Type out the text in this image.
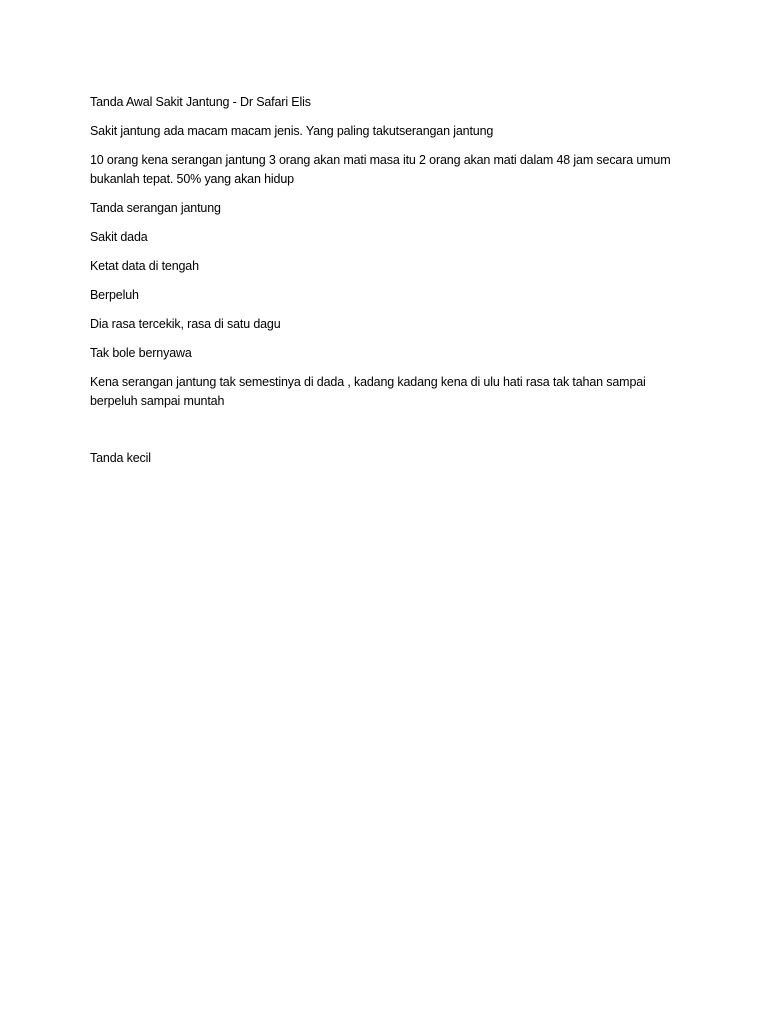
Tanda Awal Sakit Jantung - Dr Safari Elis

Sakit jantung ada macam macam jenis. Yang paling takutserangan jantung

10 orang kena serangan jantung 3 orang akan mati masa itu 2 orang akan mati dalam 48 jam secara umum bukanlah tepat. 50% yang akan hidup

Tanda serangan jantung

Sakit dada

Ketat data di tengah

Berpeluh

Dia rasa tercekik, rasa di satu dagu

Tak bole bernyawa

Kena serangan jantung tak semestinya di dada , kadang kadang kena di ulu hati rasa tak tahan sampai berpeluh sampai muntah

Tanda kecil
